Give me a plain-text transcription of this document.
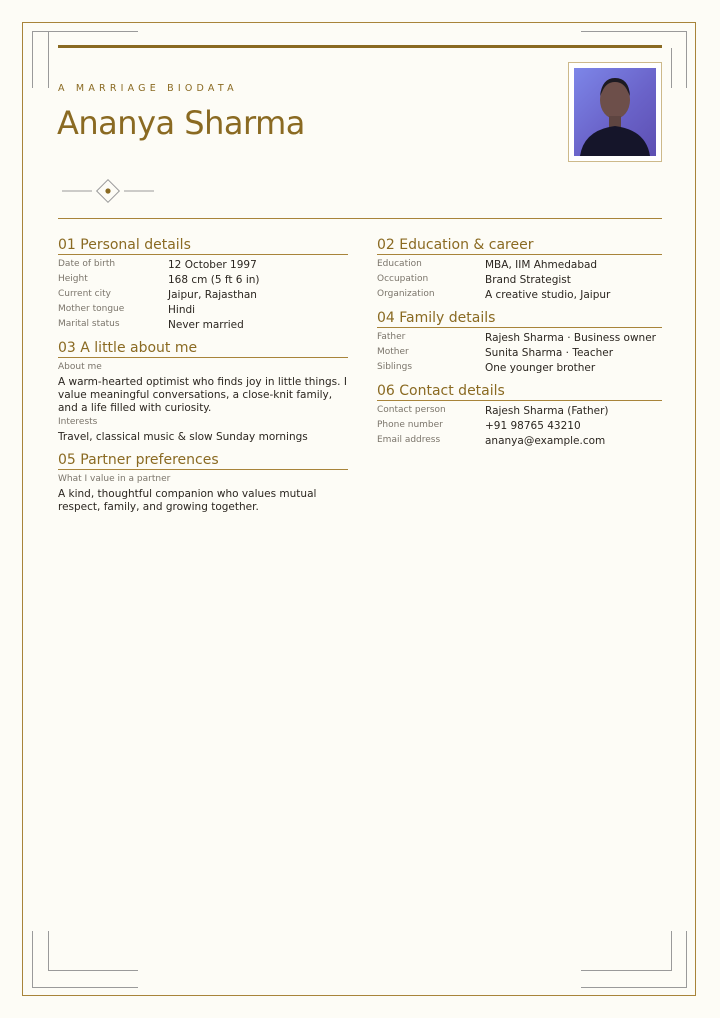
A MARRIAGE BIODATA
Ananya Sharma
01 Personal details
Date of birth	12 October 1997
Height	168 cm (5 ft 6 in)
Current city	Jaipur, Rajasthan
Mother tongue	Hindi
Marital status	Never married
03 A little about me
About me
A warm-hearted optimist who finds joy in little things. I value meaningful conversations, a close-knit family, and a life filled with curiosity.
Interests
Travel, classical music & slow Sunday mornings
05 Partner preferences
What I value in a partner
A kind, thoughtful companion who values mutual respect, family, and growing together.
02 Education & career
Education	MBA, IIM Ahmedabad
Occupation	Brand Strategist
Organization	A creative studio, Jaipur
04 Family details
Father	Rajesh Sharma · Business owner
Mother	Sunita Sharma · Teacher
Siblings	One younger brother
06 Contact details
Contact person	Rajesh Sharma (Father)
Phone number	+91 98765 43210
Email address	ananya@example.com
